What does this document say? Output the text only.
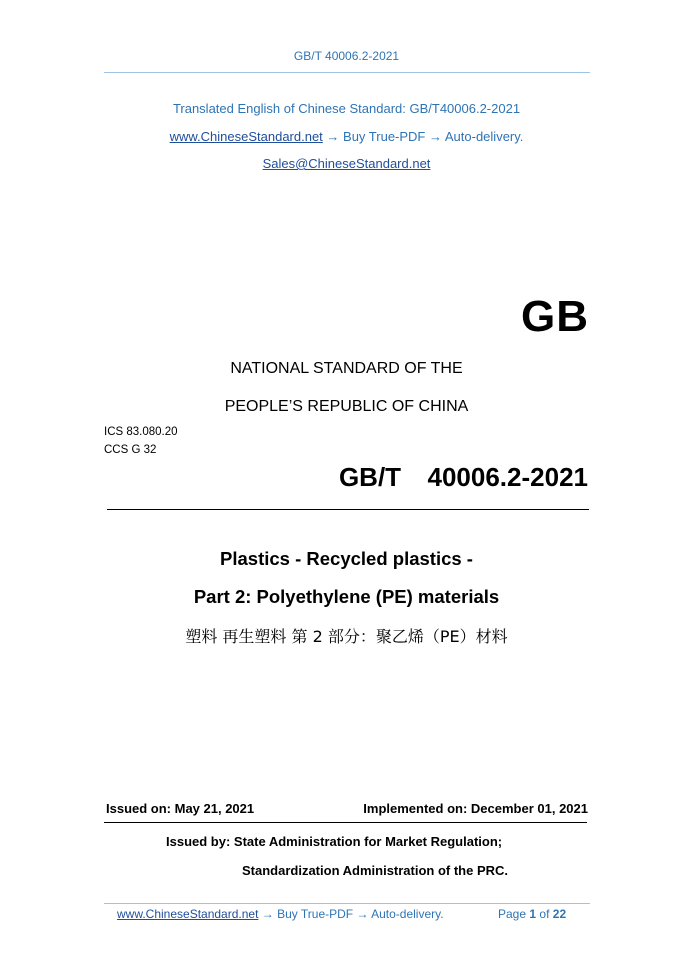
GB/T 40006.2-2021
Translated English of Chinese Standard: GB/T40006.2-2021
www.ChineseStandard.net → Buy True-PDF → Auto-delivery.
Sales@ChineseStandard.net
GB
NATIONAL STANDARD OF THE
PEOPLE’S REPUBLIC OF CHINA
ICS 83.080.20
CCS G 32
GB/T  40006.2-2021
Plastics - Recycled plastics -
Part 2: Polyethylene (PE) materials
塑料 再生塑料 第 2 部分：聚乙烯（PE）材料
Issued on: May 21, 2021	Implemented on: December 01, 2021
Issued by: State Administration for Market Regulation;
Standardization Administration of the PRC.
www.ChineseStandard.net → Buy True-PDF → Auto-delivery.	Page 1 of 22
